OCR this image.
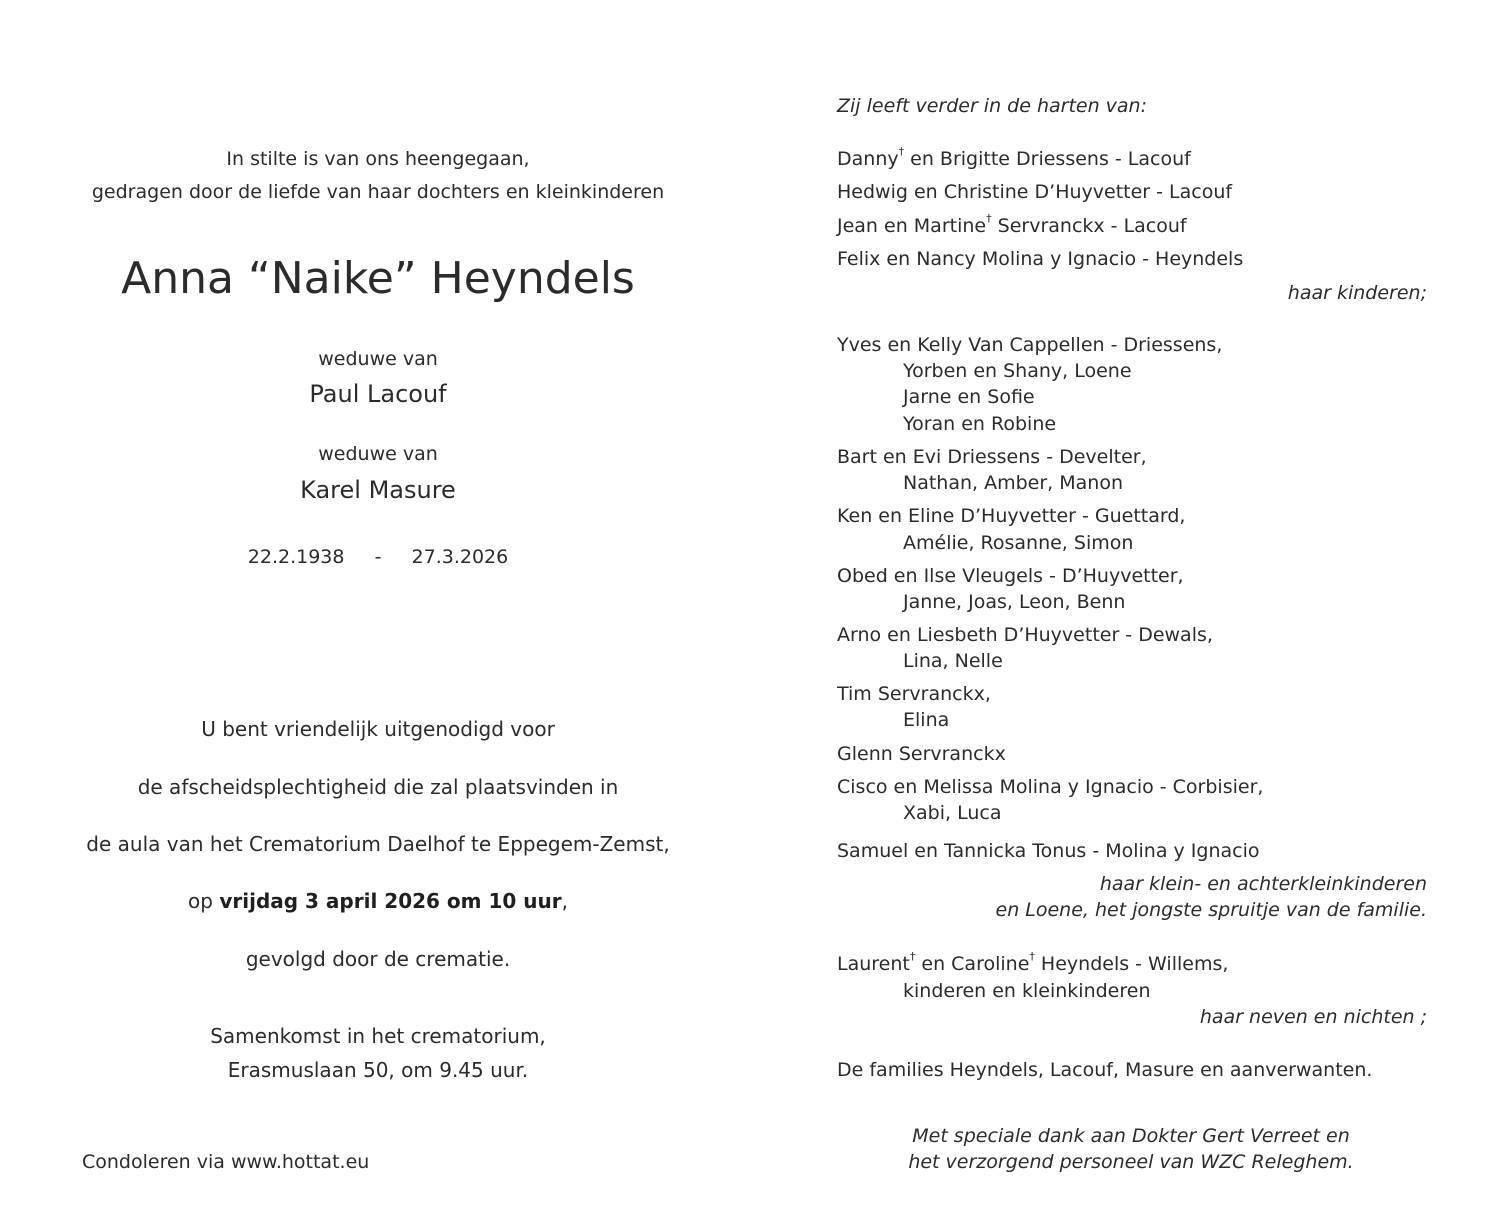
In stilte is van ons heengegaan,
gedragen door de liefde van haar dochters en kleinkinderen
Anna “Naike” Heyndels
weduwe van
Paul Lacouf
weduwe van
Karel Masure
22.2.1938 - 27.3.2026
U bent vriendelijk uitgenodigd voor
de afscheidsplechtigheid die zal plaatsvinden in
de aula van het Crematorium Daelhof te Eppegem-Zemst,
op vrijdag 3 april 2026 om 10 uur,
gevolgd door de crematie.
Samenkomst in het crematorium,
Erasmuslaan 50, om 9.45 uur.
Condoleren via www.hottat.eu
Zij leeft verder in de harten van:
Danny† en Brigitte Driessens - Lacouf
Hedwig en Christine D’Huyvetter - Lacouf
Jean en Martine† Servranckx - Lacouf
Felix en Nancy Molina y Ignacio - Heyndels
haar kinderen;
Yves en Kelly Van Cappellen - Driessens,
Yorben en Shany, Loene
Jarne en Sofie
Yoran en Robine
Bart en Evi Driessens - Develter,
Nathan, Amber, Manon
Ken en Eline D’Huyvetter - Guettard,
Amélie, Rosanne, Simon
Obed en Ilse Vleugels - D’Huyvetter,
Janne, Joas, Leon, Benn
Arno en Liesbeth D’Huyvetter - Dewals,
Lina, Nelle
Tim Servranckx,
Elina
Glenn Servranckx
Cisco en Melissa Molina y Ignacio - Corbisier,
Xabi, Luca
Samuel en Tannicka Tonus - Molina y Ignacio
haar klein- en achterkleinkinderen
en Loene, het jongste spruitje van de familie.
Laurent† en Caroline† Heyndels - Willems,
kinderen en kleinkinderen
haar neven en nichten ;
De families Heyndels, Lacouf, Masure en aanverwanten.
Met speciale dank aan Dokter Gert Verreet en
het verzorgend personeel van WZC Releghem.
